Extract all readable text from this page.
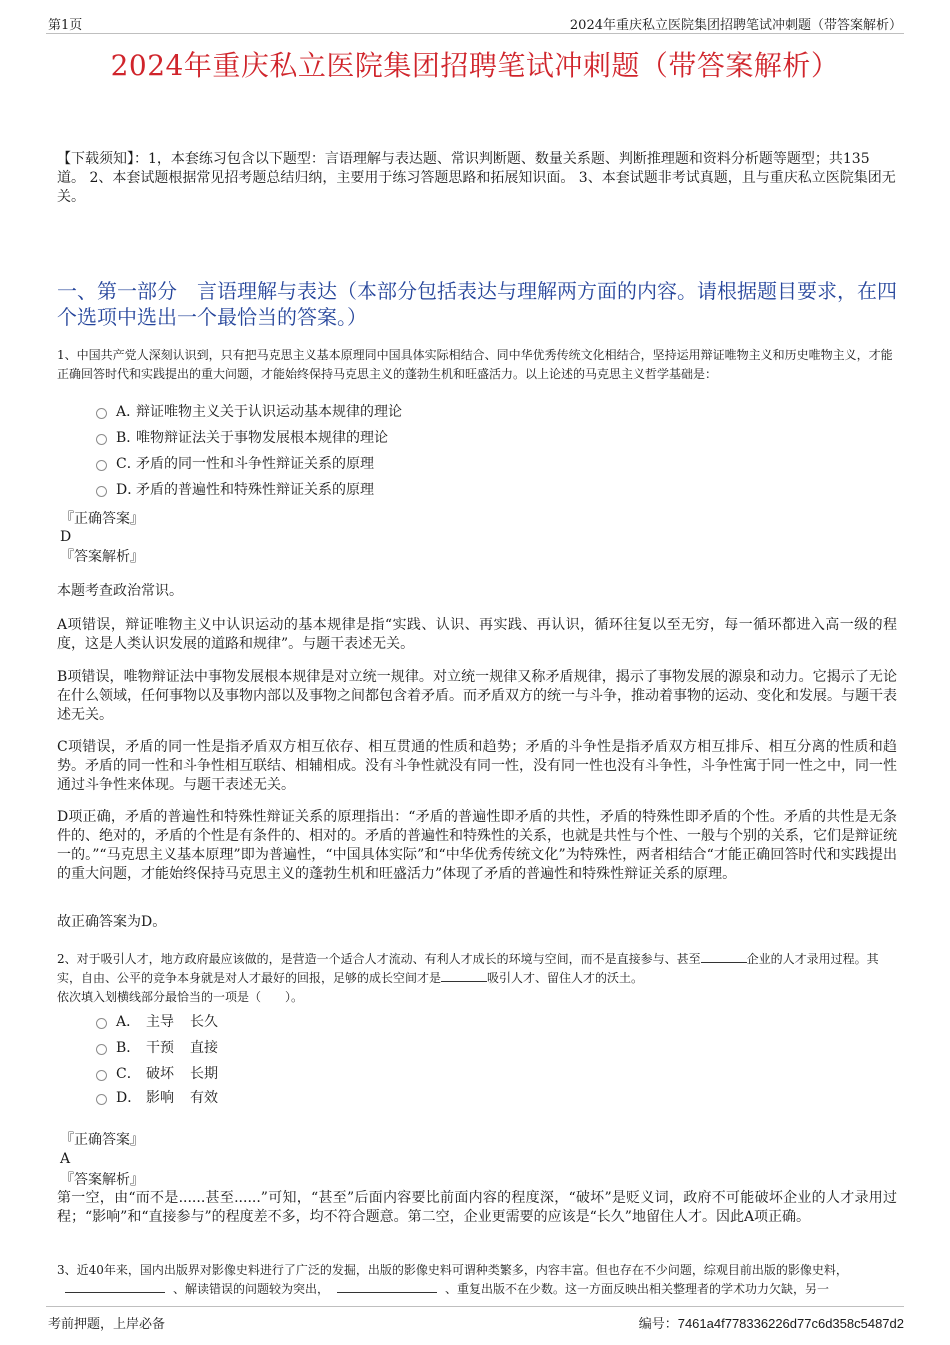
第1页	2024年重庆私立医院集团招聘笔试冲刺题（带答案解析）
2024年重庆私立医院集团招聘笔试冲刺题（带答案解析）
【下载须知】：1，本套练习包含以下题型：言语理解与表达题、常识判断题、数量关系题、判断推理题和资料分析题等题型；共135道。 2、本套试题根据常见招考题总结归纳，主要用于练习答题思路和拓展知识面。 3、本套试题非考试真题，且与重庆私立医院集团无关。
一、第一部分　言语理解与表达（本部分包括表达与理解两方面的内容。请根据题目要求，在四个选项中选出一个最恰当的答案。）
1、中国共产党人深刻认识到，只有把马克思主义基本原理同中国具体实际相结合、同中华优秀传统文化相结合，坚持运用辩证唯物主义和历史唯物主义，才能正确回答时代和实践提出的重大问题，才能始终保持马克思主义的蓬勃生机和旺盛活力。以上论述的马克思主义哲学基础是：
A．
辩证唯物主义关于认识运动基本规律的理论
B．
唯物辩证法关于事物发展根本规律的理论
C．
矛盾的同一性和斗争性辩证关系的原理
D．
矛盾的普遍性和特殊性辩证关系的原理
『正确答案』
D
『答案解析』
本题考查政治常识。
A项错误，辩证唯物主义中认识运动的基本规律是指“实践、认识、再实践、再认识，循环往复以至无穷，每一循环都进入高一级的程度，这是人类认识发展的道路和规律”。与题干表述无关。
B项错误，唯物辩证法中事物发展根本规律是对立统一规律。对立统一规律又称矛盾规律，揭示了事物发展的源泉和动力。它揭示了无论在什么领域，任何事物以及事物内部以及事物之间都包含着矛盾。而矛盾双方的统一与斗争，推动着事物的运动、变化和发展。与题干表述无关。
C项错误，矛盾的同一性是指矛盾双方相互依存、相互贯通的性质和趋势；矛盾的斗争性是指矛盾双方相互排斥、相互分离的性质和趋势。矛盾的同一性和斗争性相互联结、相辅相成。没有斗争性就没有同一性，没有同一性也没有斗争性，斗争性寓于同一性之中，同一性通过斗争性来体现。与题干表述无关。
D项正确，矛盾的普遍性和特殊性辩证关系的原理指出：“矛盾的普遍性即矛盾的共性，矛盾的特殊性即矛盾的个性。矛盾的共性是无条件的、绝对的，矛盾的个性是有条件的、相对的。矛盾的普遍性和特殊性的关系，也就是共性与个性、一般与个别的关系，它们是辩证统一的。”“马克思主义基本原理”即为普遍性，“中国具体实际”和“中华优秀传统文化”为特殊性，两者相结合“才能正确回答时代和实践提出的重大问题，才能始终保持马克思主义的蓬勃生机和旺盛活力”体现了矛盾的普遍性和特殊性辩证关系的原理。
故正确答案为D。
2、对于吸引人才，地方政府最应该做的，是营造一个适合人才流动、有利人才成长的环境与空间，而不是直接参与、甚至	企业的人才录用过程。其实，自由、公平的竞争本身就是对人才最好的回报，足够的成长空间才是	吸引人才、留住人才的沃土。
依次填入划横线部分最恰当的一项是（　　）。
A． 主导	长久
B． 干预	直接
C． 破坏	长期
D． 影响	有效
『正确答案』
A
『答案解析』
第一空，由“而不是......甚至......”可知，“甚至”后面内容要比前面内容的程度深，“破坏”是贬义词，政府不可能破坏企业的人才录用过程；“影响”和“直接参与”的程度差不多，均不符合题意。第二空，企业更需要的应该是“长久”地留住人才。因此A项正确。
3、近40年来，国内出版界对影像史料进行了广泛的发掘，出版的影像史料可谓种类繁多，内容丰富。但也存在不少问题，综观目前出版的影像史料，、解读错误的问题较为突出，	、重复出版不在少数。这一方面反映出相关整理者的学术功力欠缺，另一
考前押题，上岸必备	编号：7461a4f778336226d77c6d358c5487d2
